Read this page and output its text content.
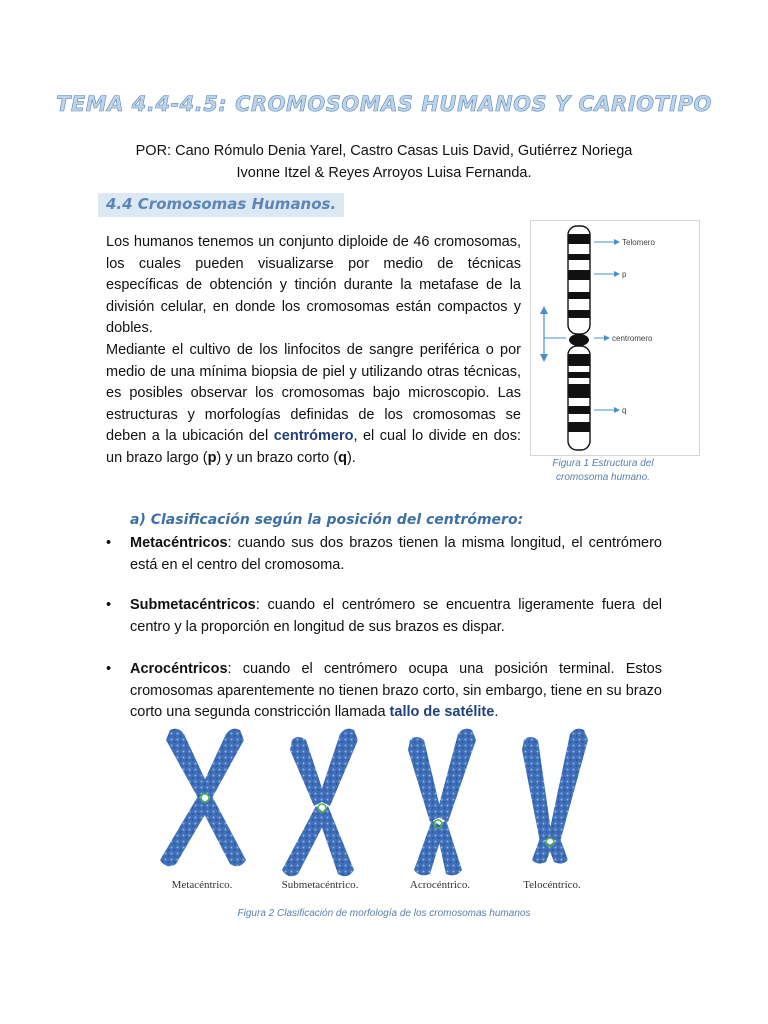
TEMA 4.4-4.5: CROMOSOMAS HUMANOS Y CARIOTIPO
POR: Cano Rómulo Denia Yarel, Castro Casas Luis David, Gutiérrez Noriega
Ivonne Itzel & Reyes Arroyos Luisa Fernanda.
4.4 Cromosomas Humanos.

Los humanos tenemos un conjunto diploide de 46 cromosomas, los cuales pueden visualizarse por medio de técnicas específicas de obtención y tinción durante la metafase de la división celular, en donde los cromosomas están compactos y dobles.

Mediante el cultivo de los linfocitos de sangre periférica o por medio de una mínima biopsia de piel y utilizando otras técnicas, es posibles observar los cromosomas bajo microscopio. Las estructuras y morfologías definidas de los cromosomas se deben a la ubicación del centrómero, el cual lo divide en dos: un brazo largo (p) y un brazo corto (q).

Telomero
p
centromero
q
Figura 1 Estructura del cromosoma humano.
a) Clasificación según la posición del centrómero:
•	Metacéntricos: cuando sus dos brazos tienen la misma longitud, el centrómero está en el centro del cromosoma.
•	Submetacéntricos: cuando el centrómero se encuentra ligeramente fuera del centro y la proporción en longitud de sus brazos es dispar.
•	Acrocéntricos: cuando el centrómero ocupa una posición terminal. Estos cromosomas aparentemente no tienen brazo corto, sin embargo, tiene en su brazo corto una segunda constricción llamada tallo de satélite.
Metacéntrico.	Submetacéntrico.	Acrocéntrico.	Telocéntrico.
Figura 2 Clasificación de morfología de los cromosomas humanos
